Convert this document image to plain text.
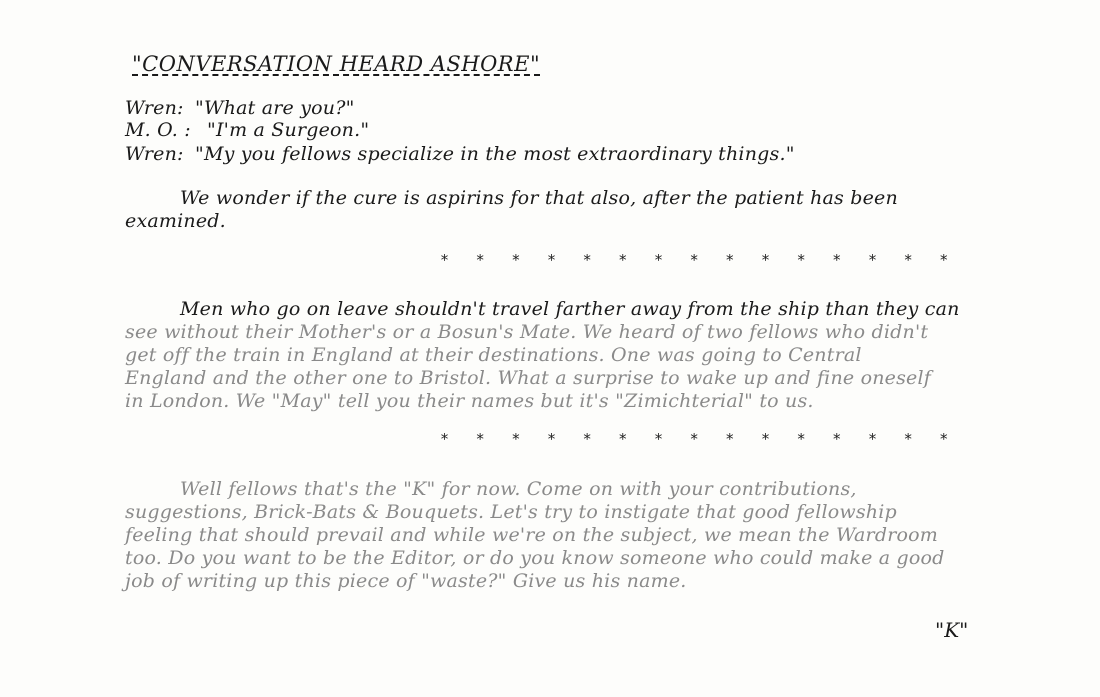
"CONVERSATION HEARD ASHORE"
Wren: "What are you?"
M. O. : "I'm a Surgeon."
Wren: "My you fellows specialize in the most extraordinary things."
We wonder if the cure is aspirins for that also, after the patient has been
examined.
* * * * * * * * * * * * * * *
Men who go on leave shouldn't travel farther away from the ship than they can
see without their Mother's or a Bosun's Mate. We heard of two fellows who didn't
get off the train in England at their destinations. One was going to Central
England and the other one to Bristol. What a surprise to wake up and fine oneself
in London. We "May" tell you their names but it's "Zimichterial" to us.
* * * * * * * * * * * * * * *
Well fellows that's the "K" for now. Come on with your contributions,
suggestions, Brick-Bats & Bouquets. Let's try to instigate that good fellowship
feeling that should prevail and while we're on the subject, we mean the Wardroom
too. Do you want to be the Editor, or do you know someone who could make a good
job of writing up this piece of "waste?" Give us his name.
"K"
